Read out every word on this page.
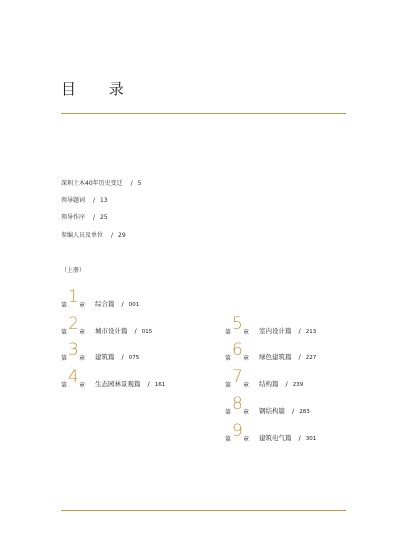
目 录
深圳土木40年历史变迁 / 5
领导题词 / 13
领导作序 / 25
参编人员及单位 / 29
（上册）
第 1 章 综合篇 / 001
第 2 章 城市设计篇 / 015
第 3 章 建筑篇 / 075
第 4 章 生态园林景观篇 / 161
第 5 章 室内设计篇 / 213
第 6 章 绿色建筑篇 / 227
第 7 章 结构篇 / 239
第 8 章 钢结构篇 / 283
第 9 章 建筑电气篇 / 301
